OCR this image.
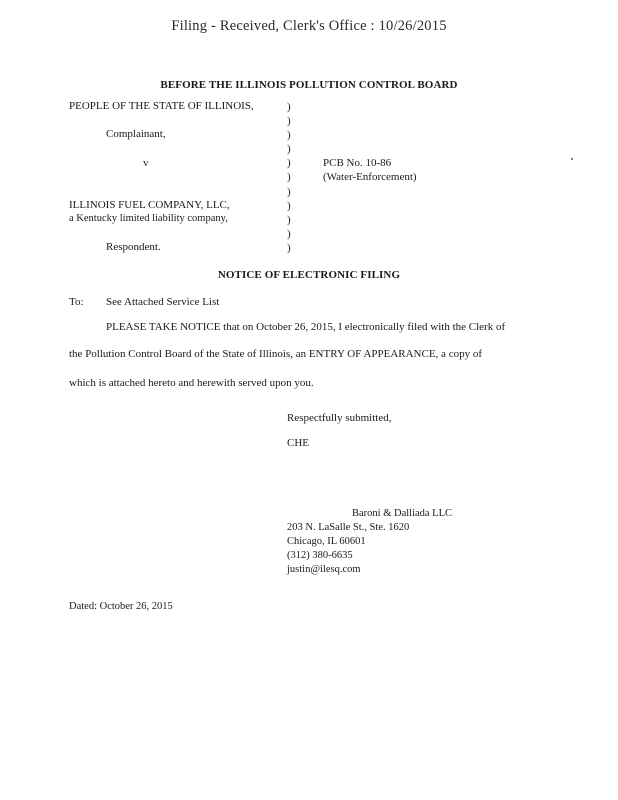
Filing - Received, Clerk's Office : 10/26/2015
BEFORE THE ILLINOIS POLLUTION CONTROL BOARD
PEOPLE OF THE STATE OF ILLINOIS,
Complainant,
v
ILLINOIS FUEL COMPANY, LLC,
a Kentucky limited liability company,
Respondent.
)
)
)
)
)
)
)
)
)
)
)
PCB No. 10-86
(Water-Enforcement)
NOTICE OF ELECTRONIC FILING
To: See Attached Service List
PLEASE TAKE NOTICE that on October 26, 2015, I electronically filed with the Clerk of
the Pollution Control Board of the State of Illinois, an ENTRY OF APPEARANCE, a copy of
which is attached hereto and herewith served upon you.
Respectfully submitted,
CHE
Baroni & Dalliada LLC
203 N. LaSalle St., Ste. 1620
Chicago, IL 60601
(312) 380-6635
justin@ilesq.com
Dated: October 26, 2015
